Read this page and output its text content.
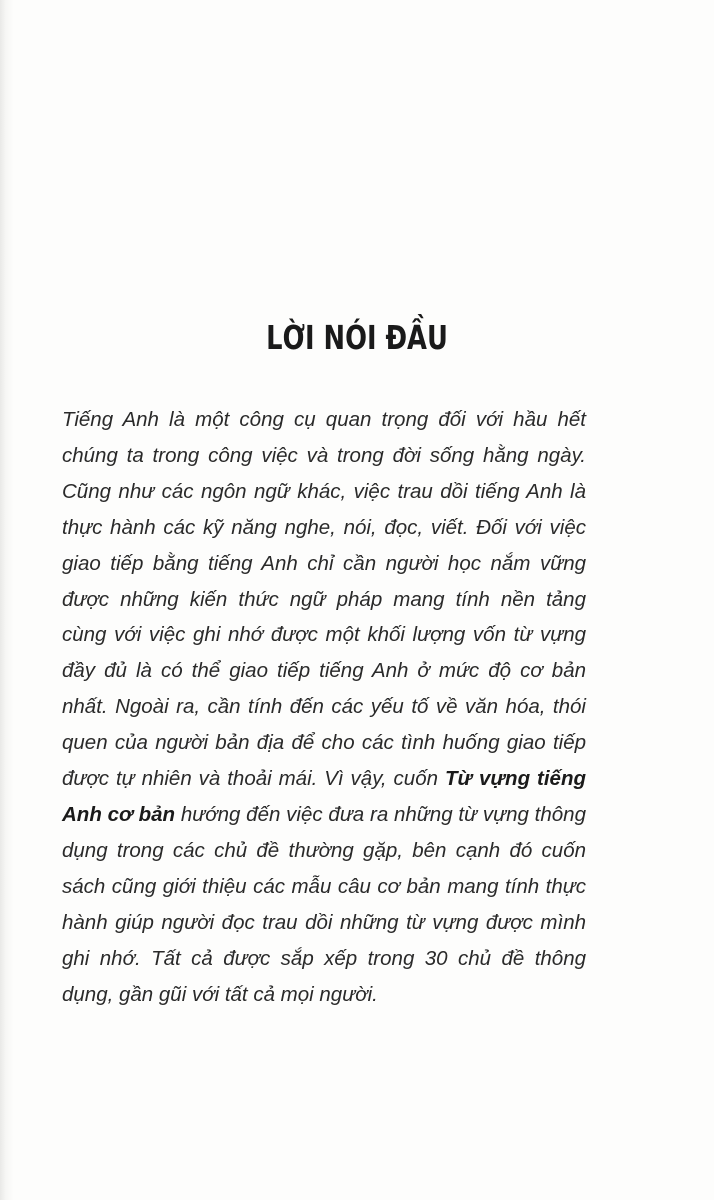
LỜI NÓI ĐẦU

Tiếng Anh là một công cụ quan trọng đối với hầu hết chúng ta trong công việc và trong đời sống hằng ngày. Cũng như các ngôn ngữ khác, việc trau dồi tiếng Anh là thực hành các kỹ năng nghe, nói, đọc, viết. Đối với việc giao tiếp bằng tiếng Anh chỉ cần người học nắm vững được những kiến thức ngữ pháp mang tính nền tảng cùng với việc ghi nhớ được một khối lượng vốn từ vựng đầy đủ là có thể giao tiếp tiếng Anh ở mức độ cơ bản nhất. Ngoài ra, cần tính đến các yếu tố về văn hóa, thói quen của người bản địa để cho các tình huống giao tiếp được tự nhiên và thoải mái. Vì vậy, cuốn Từ vựng tiếng Anh cơ bản hướng đến việc đưa ra những từ vựng thông dụng trong các chủ đề thường gặp, bên cạnh đó cuốn sách cũng giới thiệu các mẫu câu cơ bản mang tính thực hành giúp người đọc trau dồi những từ vựng được mình ghi nhớ. Tất cả được sắp xếp trong 30 chủ đề thông dụng, gần gũi với tất cả mọi người.
